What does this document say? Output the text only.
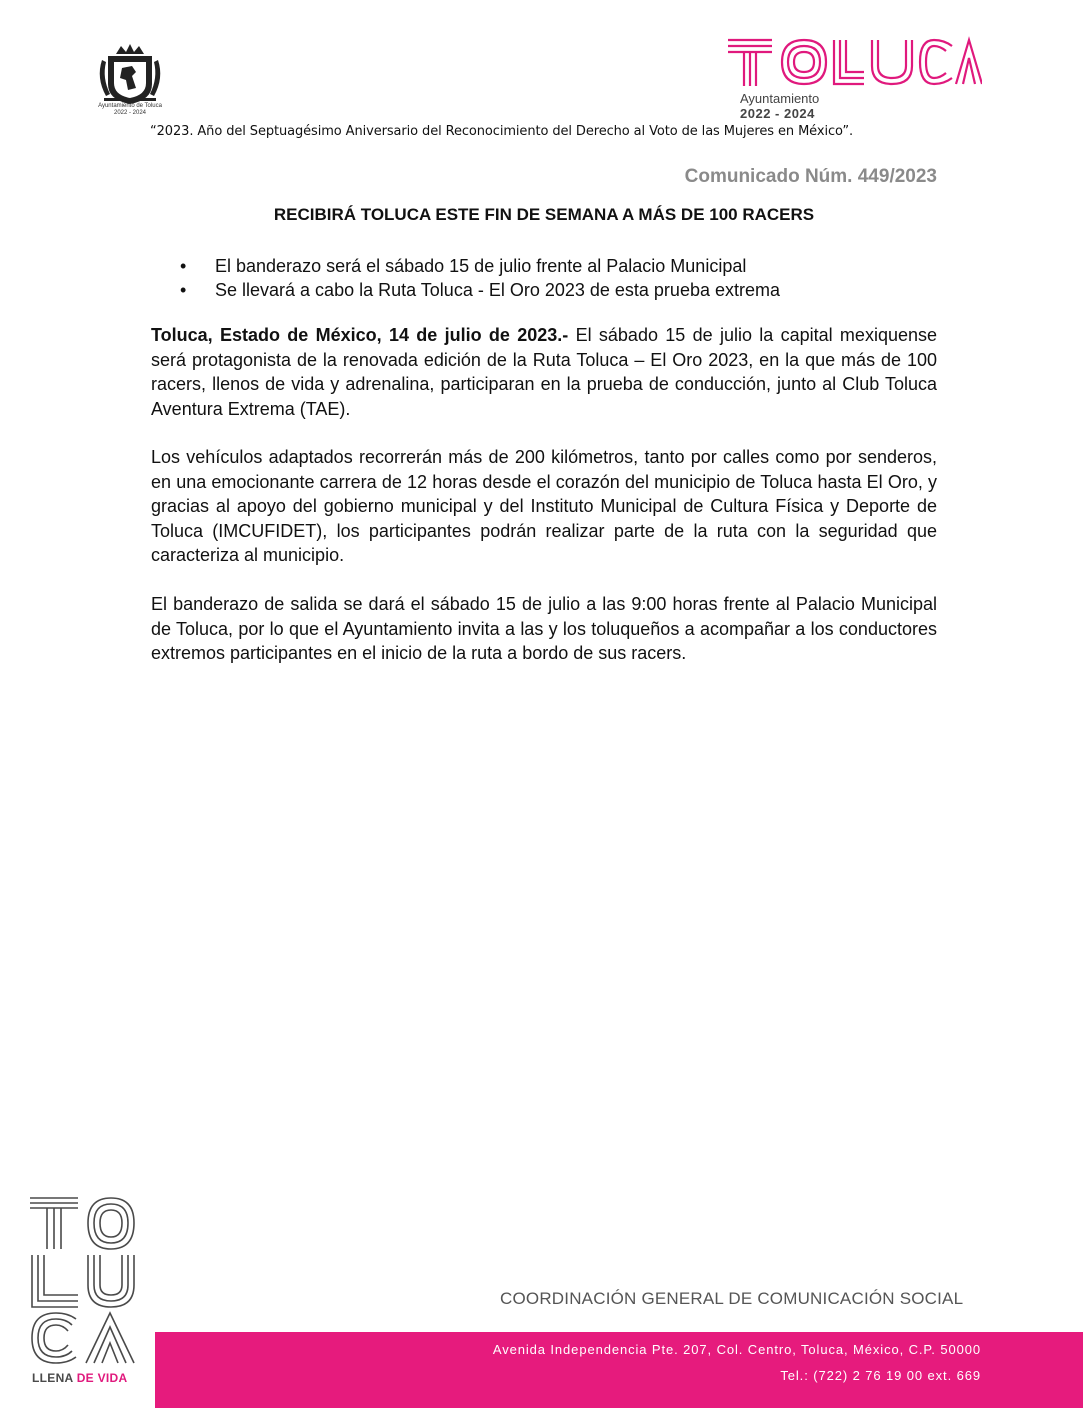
Ayuntamiento de Toluca
2022 - 2024
Ayuntamiento
2022 - 2024
“2023. Año del Septuagésimo Aniversario del Reconocimiento del Derecho al Voto de las Mujeres en México”.
Comunicado Núm. 449/2023
RECIBIRÁ TOLUCA ESTE FIN DE SEMANA A MÁS DE 100 RACERS
• El banderazo será el sábado 15 de julio frente al Palacio Municipal
• Se llevará a cabo la Ruta Toluca - El Oro 2023 de esta prueba extrema

Toluca, Estado de México, 14 de julio de 2023.- El sábado 15 de julio la capital mexiquense será protagonista de la renovada edición de la Ruta Toluca – El Oro 2023, en la que más de 100 racers, llenos de vida y adrenalina, participaran en la prueba de conducción, junto al Club Toluca Aventura Extrema (TAE).

Los vehículos adaptados recorrerán más de 200 kilómetros, tanto por calles como por senderos, en una emocionante carrera de 12 horas desde el corazón del municipio de Toluca hasta El Oro, y gracias al apoyo del gobierno municipal y del Instituto Municipal de Cultura Física y Deporte de Toluca (IMCUFIDET), los participantes podrán realizar parte de la ruta con la seguridad que caracteriza al municipio.

El banderazo de salida se dará el sábado 15 de julio a las 9:00 horas frente al Palacio Municipal de Toluca, por lo que el Ayuntamiento invita a las y los toluqueños a acompañar a los conductores extremos participantes en el inicio de la ruta a bordo de sus racers.

LLENA DE VIDA
COORDINACIÓN GENERAL DE COMUNICACIÓN SOCIAL
Avenida Independencia Pte. 207, Col. Centro, Toluca, México, C.P. 50000
Tel.: (722) 2 76 19 00 ext. 669
